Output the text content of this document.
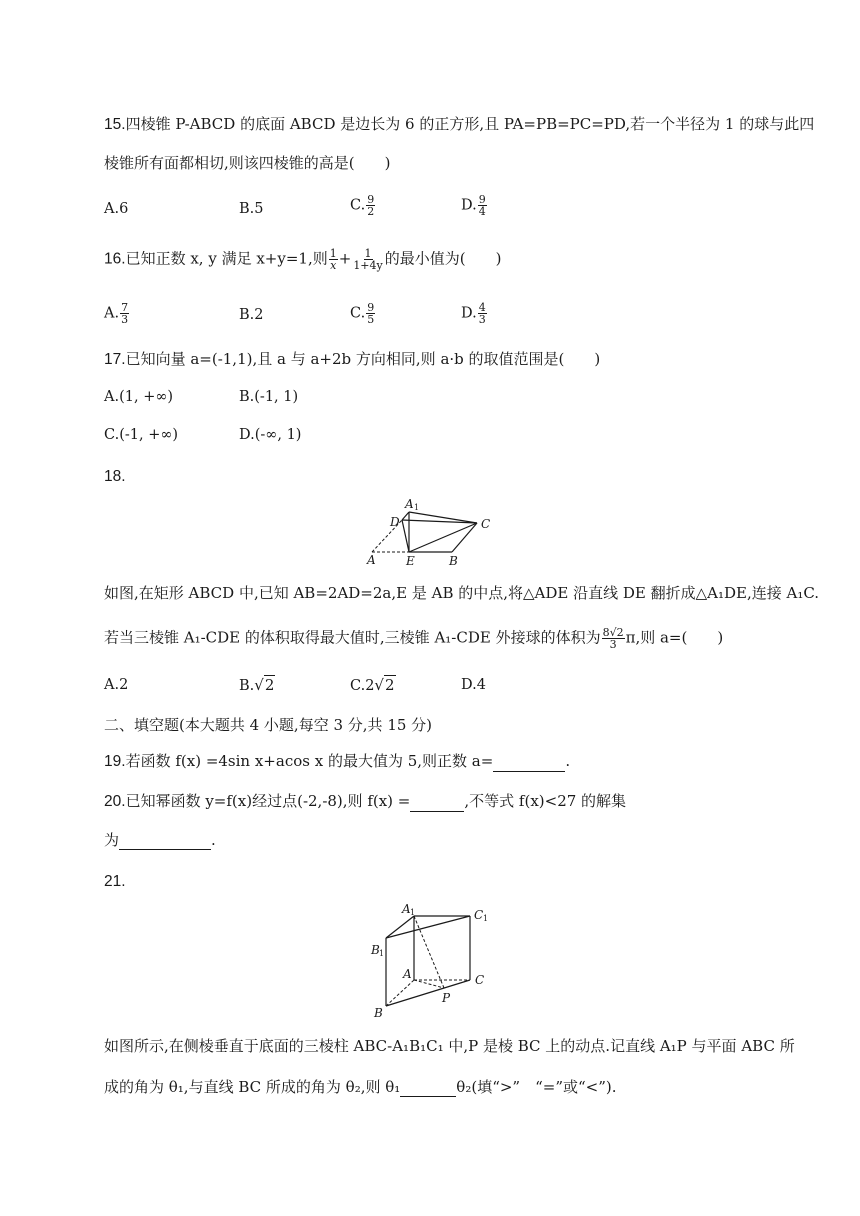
15.四棱锥 P-ABCD 的底面 ABCD 是边长为 6 的正方形,且 PA=PB=PC=PD,若一个半径为 1 的球与此四
棱锥所有面都相切,则该四棱锥的高是(　　)
A.6	B.5	C. $\frac{9}{2}$	D. $\frac{9}{4}$
16.已知正数 x, y 满足 x+y=1,则 $\frac{1}{x} + \frac{1}{1+4y}$ 的最小值为(　　)
A. $\frac{7}{3}$	B.2	C. $\frac{9}{5}$	D. $\frac{4}{3}$
17.已知向量 a=(-1,1),且 a 与 a+2b 方向相同,则 a·b 的取值范围是(　　)
A.(1, +∞)	B.(-1, 1)
C.(-1, +∞)	D.(-∞, 1)
18.
A 1
D	C
A	E	B
如图,在矩形 ABCD 中,已知 AB=2AD=2a,E 是 AB 的中点,将△ADE 沿直线 DE 翻折成△A₁DE,连接 A₁C.
若当三棱锥 A₁-CDE 的体积取得最大值时,三棱锥 A₁-CDE 外接球的体积为 $\frac{8√2}{3} \pi$,则 a=(　　)
A.2	B.√2	C.2√2	D.4
二、填空题(本大题共 4 小题,每空 3 分,共 15 分)
19.若函数 f(x) =4sin x+acos x 的最大值为 5,则正数 a=	.
20.已知幂函数 y=f(x)经过点(-2,-8),则 f(x) =	,不等式 f(x)<27 的解集
为	.
21.
A 1	C 1
B 1
A	C
B
P
如图所示,在侧棱垂直于底面的三棱柱 ABC-A₁B₁C₁ 中,P 是棱 BC 上的动点.记直线 A₁P 与平面 ABC 所
成的角为 θ₁,与直线 BC 所成的角为 θ₂,则 θ₁	θ₂(填“>”　“=”或“<”).
